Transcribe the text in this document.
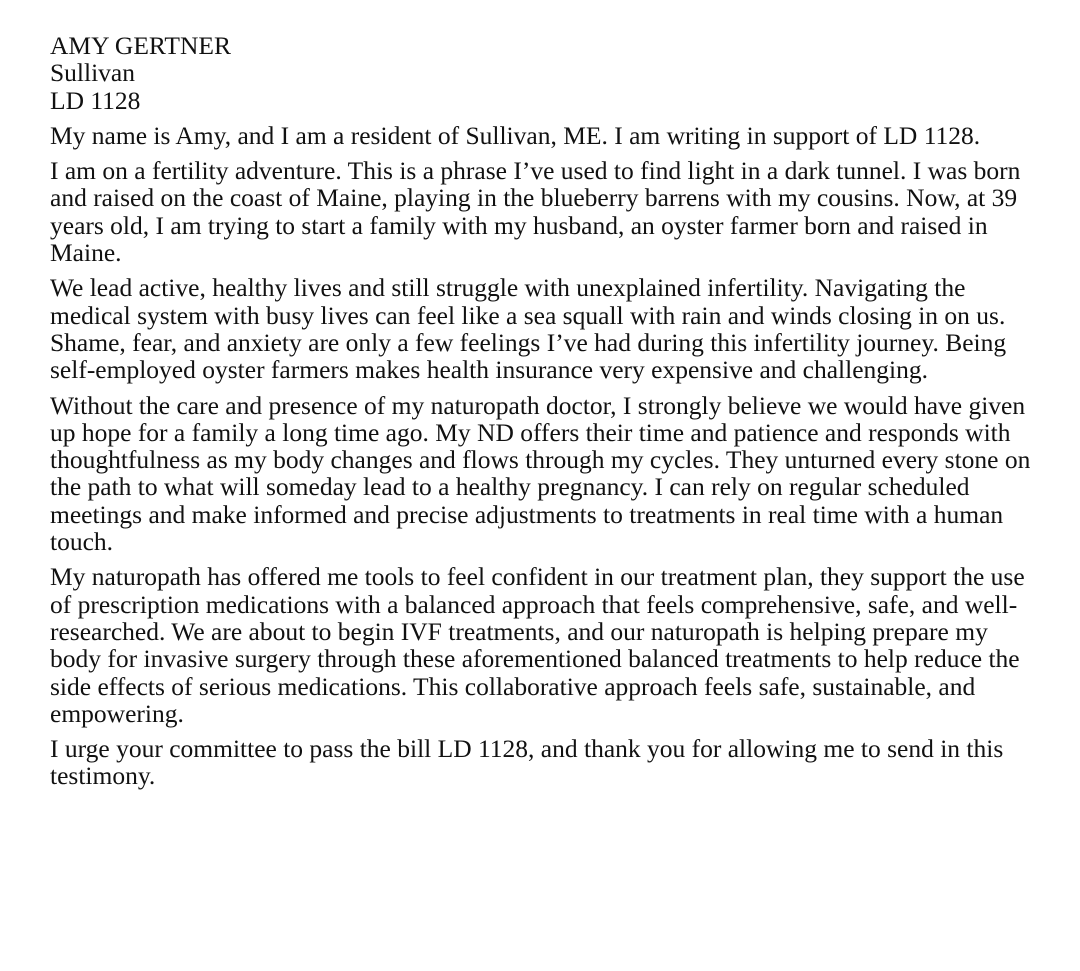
AMY GERTNER
Sullivan
LD 1128

My name is Amy, and I am a resident of Sullivan, ME. I am writing in support of LD 1128.

I am on a fertility adventure. This is a phrase I’ve used to find light in a dark tunnel. I was born and raised on the coast of Maine, playing in the blueberry barrens with my cousins. Now, at 39 years old, I am trying to start a family with my husband, an oyster farmer born and raised in Maine.

We lead active, healthy lives and still struggle with unexplained infertility. Navigating the medical system with busy lives can feel like a sea squall with rain and winds closing in on us. Shame, fear, and anxiety are only a few feelings I’ve had during this infertility journey. Being self-employed oyster farmers makes health insurance very expensive and challenging.

Without the care and presence of my naturopath doctor, I strongly believe we would have given up hope for a family a long time ago. My ND offers their time and patience and responds with thoughtfulness as my body changes and flows through my cycles. They unturned every stone on the path to what will someday lead to a healthy pregnancy. I can rely on regular scheduled meetings and make informed and precise adjustments to treatments in real time with a human touch.

My naturopath has offered me tools to feel confident in our treatment plan, they support the use of prescription medications with a balanced approach that feels comprehensive, safe, and well-researched. We are about to begin IVF treatments, and our naturopath is helping prepare my body for invasive surgery through these aforementioned balanced treatments to help reduce the side effects of serious medications. This collaborative approach feels safe, sustainable, and empowering.

I urge your committee to pass the bill LD 1128, and thank you for allowing me to send in this testimony.
